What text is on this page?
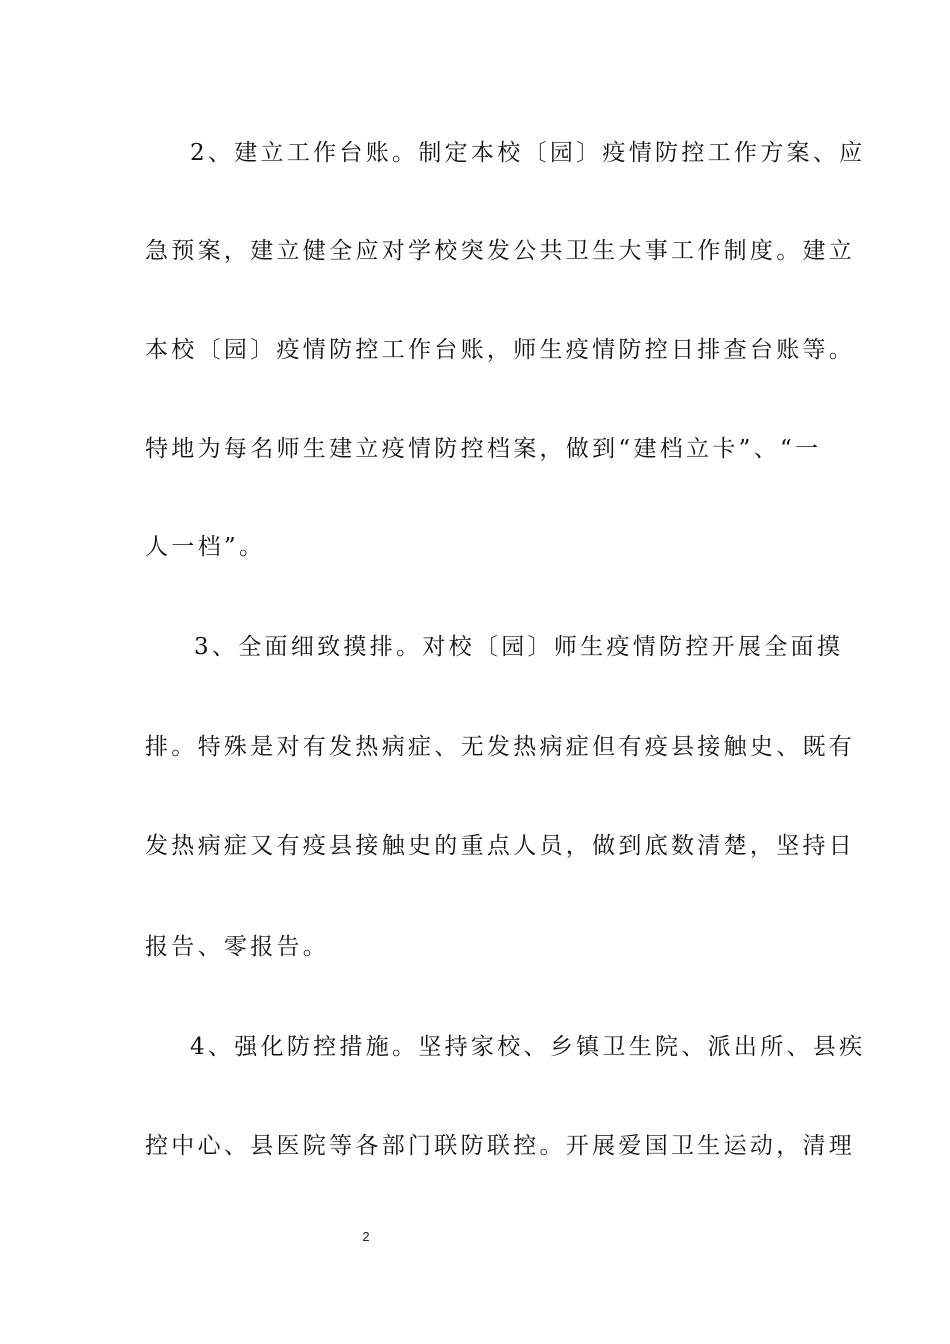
2、建立工作台账。制定本校〔园〕疫情防控工作方案、应
急预案，建立健全应对学校突发公共卫生大事工作制度。建立
本校〔园〕疫情防控工作台账，师生疫情防控日排查台账等。
特地为每名师生建立疫情防控档案，做到“建档立卡”、“一
人一档”。
3、全面细致摸排。对校〔园〕师生疫情防控开展全面摸
排。特殊是对有发热病症、无发热病症但有疫县接触史、既有
发热病症又有疫县接触史的重点人员，做到底数清楚，坚持日
报告、零报告。
4、强化防控措施。坚持家校、乡镇卫生院、派出所、县疾
控中心、县医院等各部门联防联控。开展爱国卫生运动，清理
2
